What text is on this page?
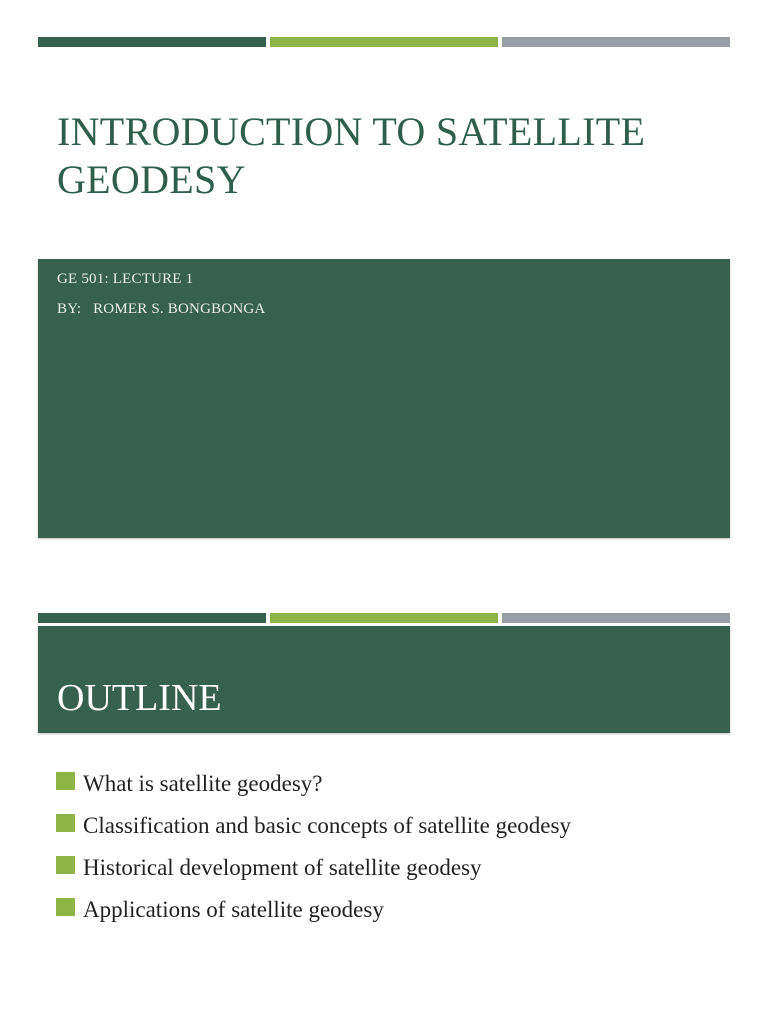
INTRODUCTION TO SATELLITE
GEODESY
GE 501: LECTURE 1
BY:   ROMER S. BONGBONGA
OUTLINE
What is satellite geodesy?
Classification and basic concepts of satellite geodesy
Historical development of satellite geodesy
Applications of satellite geodesy
